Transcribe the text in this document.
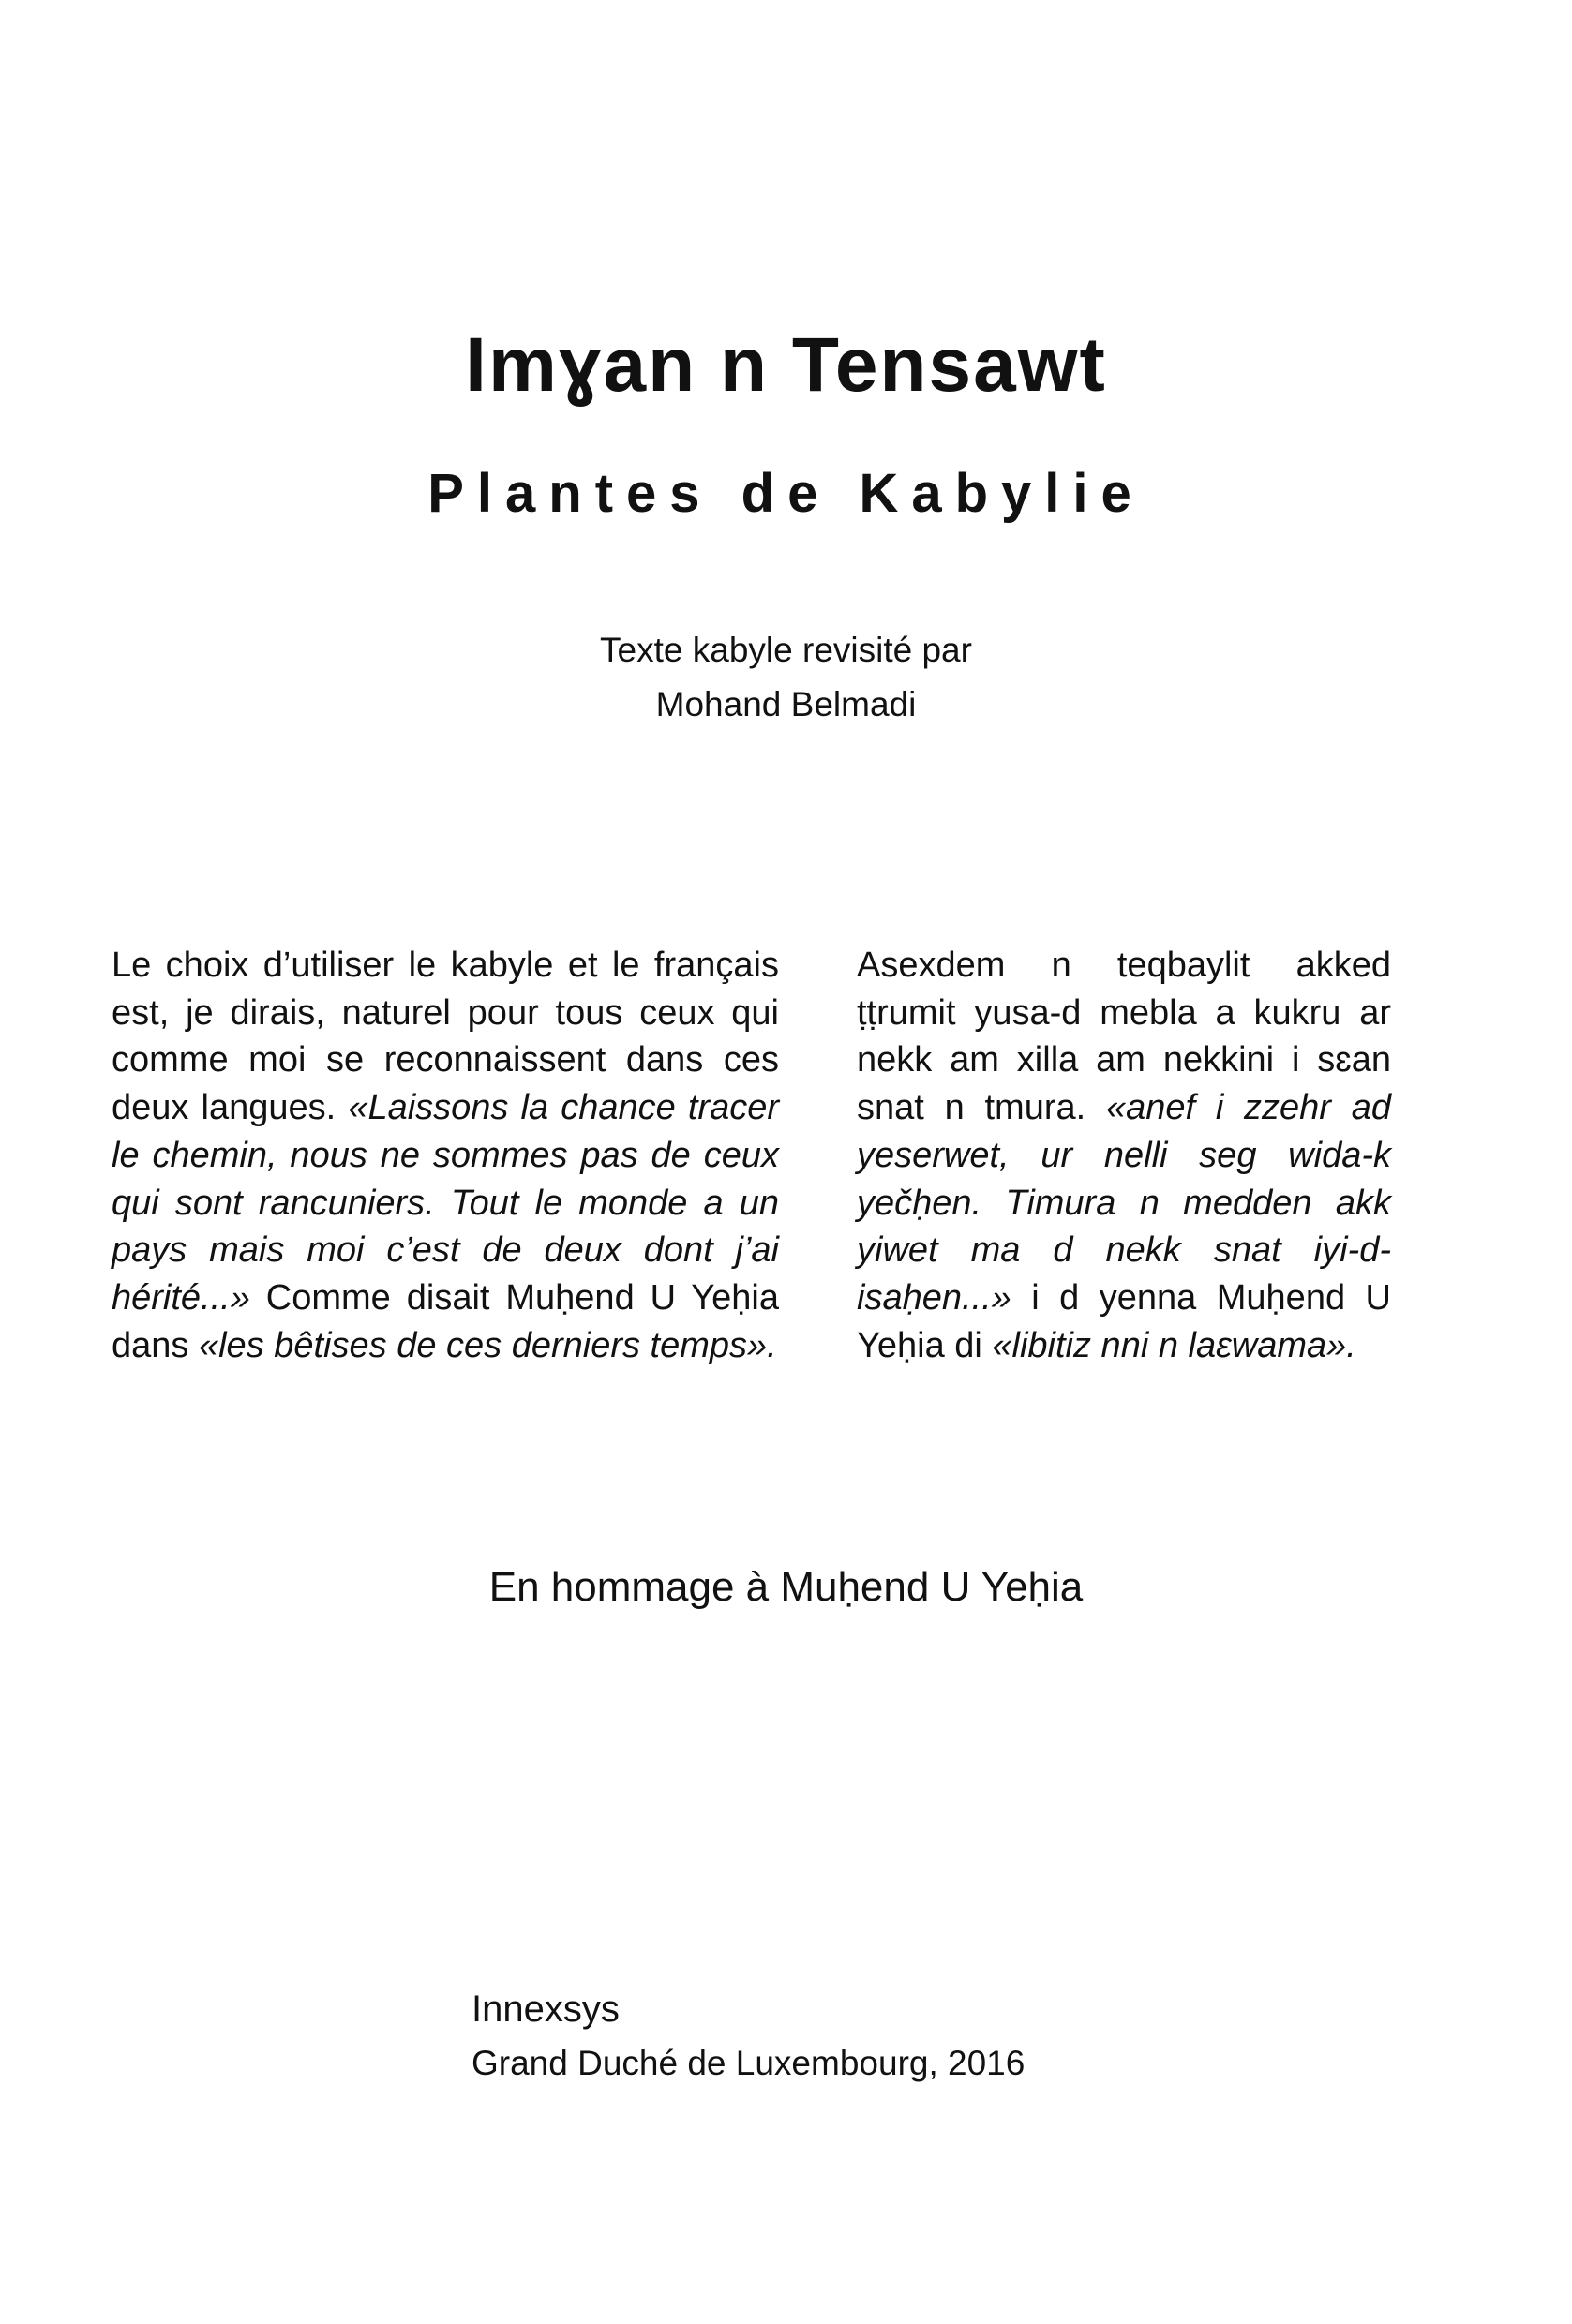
Imɣan n Tensawt
Plantes de Kabylie
Texte kabyle revisité par
Mohand Belmadi
Le choix d’utiliser le kabyle et le français est, je dirais, naturel pour tous ceux qui comme moi se reconnaissent dans ces deux langues. «Laissons la chance tracer le chemin, nous ne sommes pas de ceux qui sont rancuniers. Tout le monde a un pays mais moi c’est de deux dont j’ai hérité...» Comme disait Muḥend U Yeḥia dans «les bêtises de ces derniers temps».
Asexdem n teqbaylit akked ṭṭrumit yusa-d mebla a kukru ar nekk am xilla am nekkini i sɛan snat n tmura. «anef i zzehr ad yeserwet, ur nelli seg wida-k yečḥen. Timura n medden akk yiwet ma d nekk snat iyi-d-isaḥen...» i d yenna Muḥend U Yeḥia di «libitiz nni n laɛwama».
En hommage à Muḥend U Yeḥia
Innexsys
Grand Duché de Luxembourg, 2016
